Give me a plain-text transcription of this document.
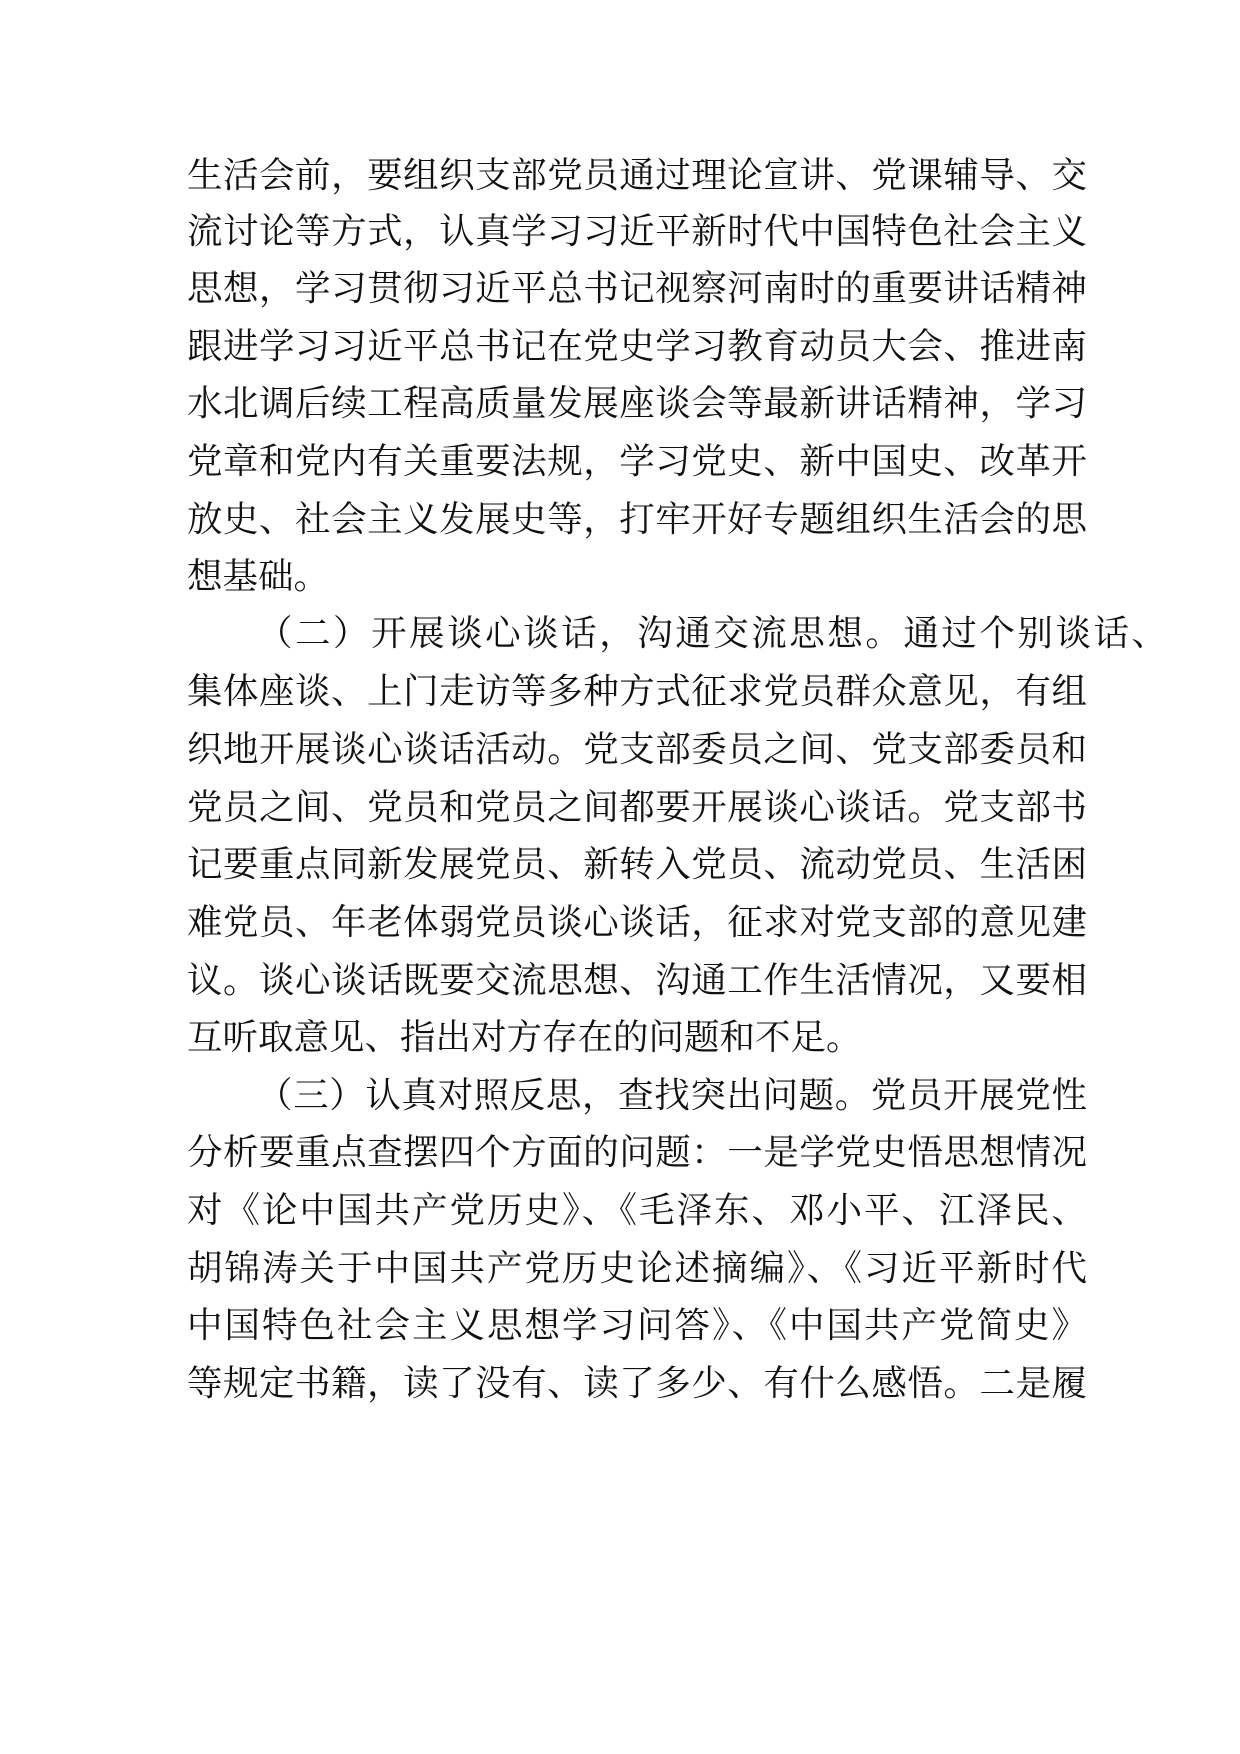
生活会前，要组织支部党员通过理论宣讲、党课辅导、交
流讨论等方式，认真学习习近平新时代中国特色社会主义
思想，学习贯彻习近平总书记视察河南时的重要讲话精神
跟进学习习近平总书记在党史学习教育动员大会、推进南
水北调后续工程高质量发展座谈会等最新讲话精神，学习
党章和党内有关重要法规，学习党史、新中国史、改革开
放史、社会主义发展史等，打牢开好专题组织生活会的思
想基础。
（二）开展谈心谈话，沟通交流思想。通过个别谈话、
集体座谈、上门走访等多种方式征求党员群众意见，有组
织地开展谈心谈话活动。党支部委员之间、党支部委员和
党员之间、党员和党员之间都要开展谈心谈话。党支部书
记要重点同新发展党员、新转入党员、流动党员、生活困
难党员、年老体弱党员谈心谈话，征求对党支部的意见建
议。谈心谈话既要交流思想、沟通工作生活情况，又要相
互听取意见、指出对方存在的问题和不足。
（三）认真对照反思，查找突出问题。党员开展党性
分析要重点查摆四个方面的问题：一是学党史悟思想情况
对《论中国共产党历史》、《毛泽东、邓小平、江泽民、
胡锦涛关于中国共产党历史论述摘编》、《习近平新时代
中国特色社会主义思想学习问答》、《中国共产党简史》
等规定书籍，读了没有、读了多少、有什么感悟。二是履
